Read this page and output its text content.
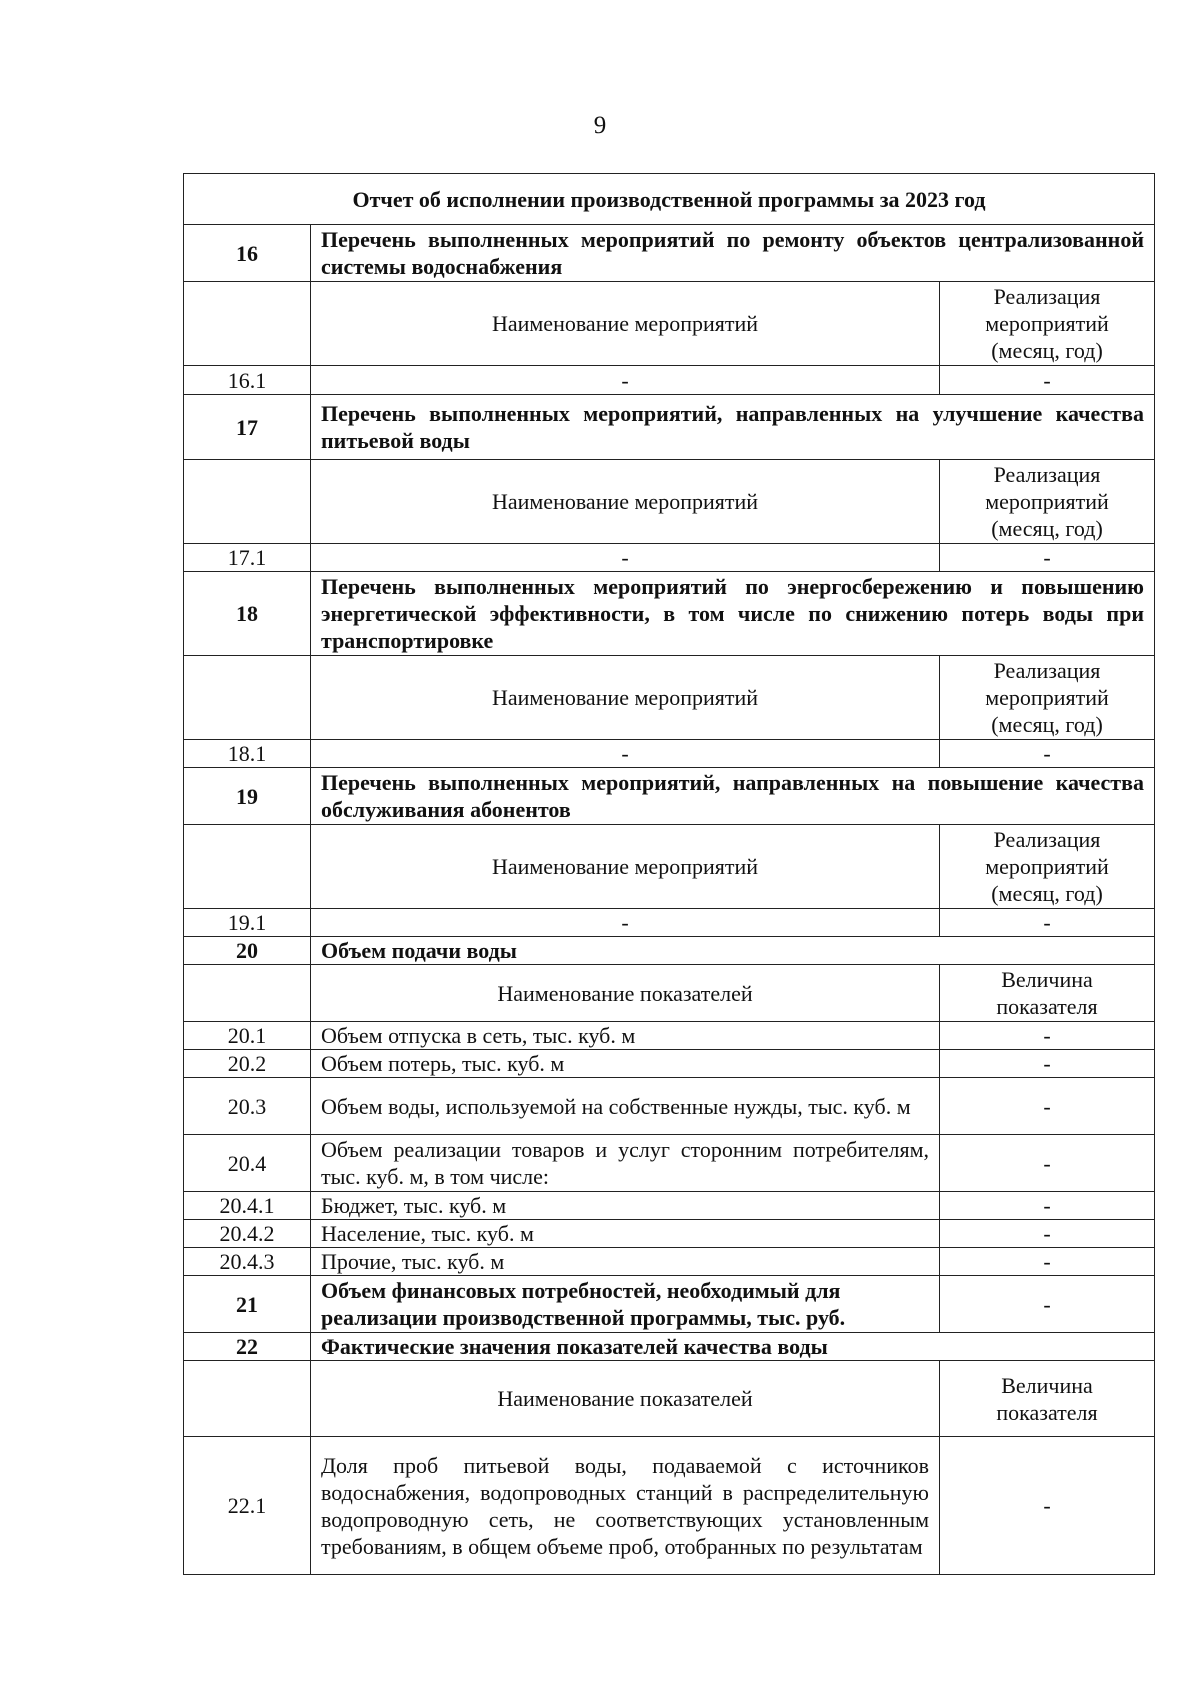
9
Отчет об исполнении производственной программы за 2023 год		
16	Перечень выполненных мероприятий по ремонту объектов централизованной системы водоснабжения	
	Наименование мероприятий	Реализация мероприятий (месяц, год)
16.1	-	-
17	Перечень выполненных мероприятий, направленных на улучшение качества питьевой воды	
	Наименование мероприятий	Реализация мероприятий (месяц, год)
17.1	-	-
18	Перечень выполненных мероприятий по энергосбережению и повышению энергетической эффективности, в том числе по снижению потерь воды при транспортировке	
	Наименование мероприятий	Реализация мероприятий (месяц, год)
18.1	-	-
19	Перечень выполненных мероприятий, направленных на повышение качества обслуживания абонентов	
	Наименование мероприятий	Реализация мероприятий (месяц, год)
19.1	-	-
20	Объем подачи воды	
	Наименование показателей	Величина показателя
20.1	Объем отпуска в сеть, тыс. куб. м	-
20.2	Объем потерь, тыс. куб. м	-
20.3	Объем воды, используемой на собственные нужды, тыс. куб. м	-
20.4	Объем реализации товаров и услуг сторонним потребителям, тыс. куб. м, в том числе:	-
20.4.1	Бюджет, тыс. куб. м	-
20.4.2	Население, тыс. куб. м	-
20.4.3	Прочие, тыс. куб. м	-
21	Объем финансовых потребностей, необходимый для реализации производственной программы, тыс. руб.	-
22	Фактические значения показателей качества воды	
	Наименование показателей	Величина показателя
22.1	Доля проб питьевой воды, подаваемой с источников водоснабжения, водопроводных станций в распределительную водопроводную сеть, не соответствующих установленным требованиям, в общем объеме проб, отобранных по результатам	-
